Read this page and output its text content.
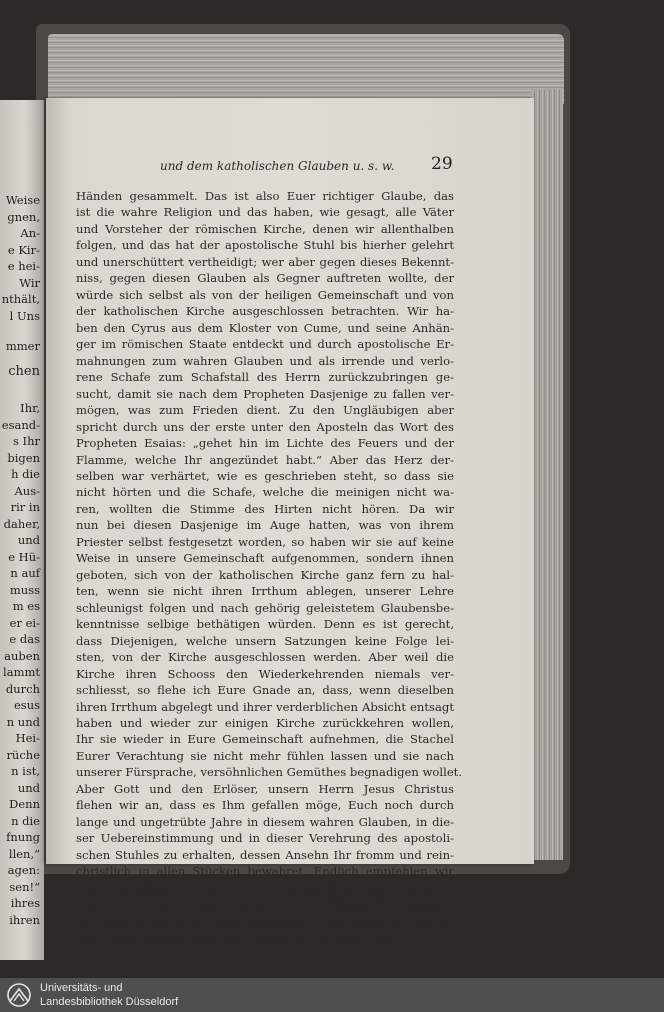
Weise
gnen,
An-
e Kir-
e hei-
Wir
nthält,
l Uns
mmer
chen
Ihr,
esand-
s Ihr
bigen
h die
Aus-
rir in
daher,
und
e Hü-
n auf
muss
m es
er ei-
e das
auben
lammt
durch
esus
n und
Hei-
rüche
n ist,
und
Denn
n die
fnung
llen,“
agen:
sen!“
ihres
ihren
und dem katholischen Glauben u. s. w. 29
Händen gesammelt. Das ist also Euer richtiger Glaube, das
ist die wahre Religion und das haben, wie gesagt, alle Väter
und Vorsteher der römischen Kirche, denen wir allenthalben
folgen, und das hat der apostolische Stuhl bis hierher gelehrt
und unerschüttert vertheidigt; wer aber gegen dieses Bekennt-
niss, gegen diesen Glauben als Gegner auftreten wollte, der
würde sich selbst als von der heiligen Gemeinschaft und von
der katholischen Kirche ausgeschlossen betrachten. Wir ha-
ben den Cyrus aus dem Kloster von Cume, und seine Anhän-
ger im römischen Staate entdeckt und durch apostolische Er-
mahnungen zum wahren Glauben und als irrende und verlo-
rene Schafe zum Schafstall des Herrn zurückzubringen ge-
sucht, damit sie nach dem Propheten Dasjenige zu fallen ver-
mögen, was zum Frieden dient. Zu den Ungläubigen aber
spricht durch uns der erste unter den Aposteln das Wort des
Propheten Esaias: „gehet hin im Lichte des Feuers und der
Flamme, welche Ihr angezündet habt.“ Aber das Herz der-
selben war verhärtet, wie es geschrieben steht, so dass sie
nicht hörten und die Schafe, welche die meinigen nicht wa-
ren, wollten die Stimme des Hirten nicht hören. Da wir
nun bei diesen Dasjenige im Auge hatten, was von ihrem
Priester selbst festgesetzt worden, so haben wir sie auf keine
Weise in unsere Gemeinschaft aufgenommen, sondern ihnen
geboten, sich von der katholischen Kirche ganz fern zu hal-
ten, wenn sie nicht ihren Irrthum ablegen, unserer Lehre
schleunigst folgen und nach gehörig geleistetem Glaubensbe-
kenntnisse selbige bethätigen würden. Denn es ist gerecht,
dass Diejenigen, welche unsern Satzungen keine Folge lei-
sten, von der Kirche ausgeschlossen werden. Aber weil die
Kirche ihren Schooss den Wiederkehrenden niemals ver-
schliesst, so flehe ich Eure Gnade an, dass, wenn dieselben
ihren Irrthum abgelegt und ihrer verderblichen Absicht entsagt
haben und wieder zur einigen Kirche zurückkehren wollen,
Ihr sie wieder in Eure Gemeinschaft aufnehmen, die Stachel
Eurer Verachtung sie nicht mehr fühlen lassen und sie nach
unserer Fürsprache, versöhnlichen Gemüthes begnadigen wollet.
Aber Gott und den Erlöser, unsern Herrn Jesus Christus
flehen wir an, dass es Ihm gefallen möge, Euch noch durch
lange und ungetrübte Jahre in diesem wahren Glauben, in die-
ser Uebereinstimmung und in dieser Verehrung des apostoli-
schen Stuhles zu erhalten, dessen Ansehn Ihr fromm und rein-
christlich in allen Stücken bewahret. Endlich empfehlen wir
Euch, gnädigster Fürst! Eure Gesandten, den Hypatius
und Demetrius, unsere Brüder und Mitbischöfe, welchen
Ihr Eure Gunst und Gnade geschenkt, wie schon die getrof-
fene Wahl beweist. Denn eine Sache von so hoher Wich-
Universitäts- und
Landesbibliothek Düsseldorf
